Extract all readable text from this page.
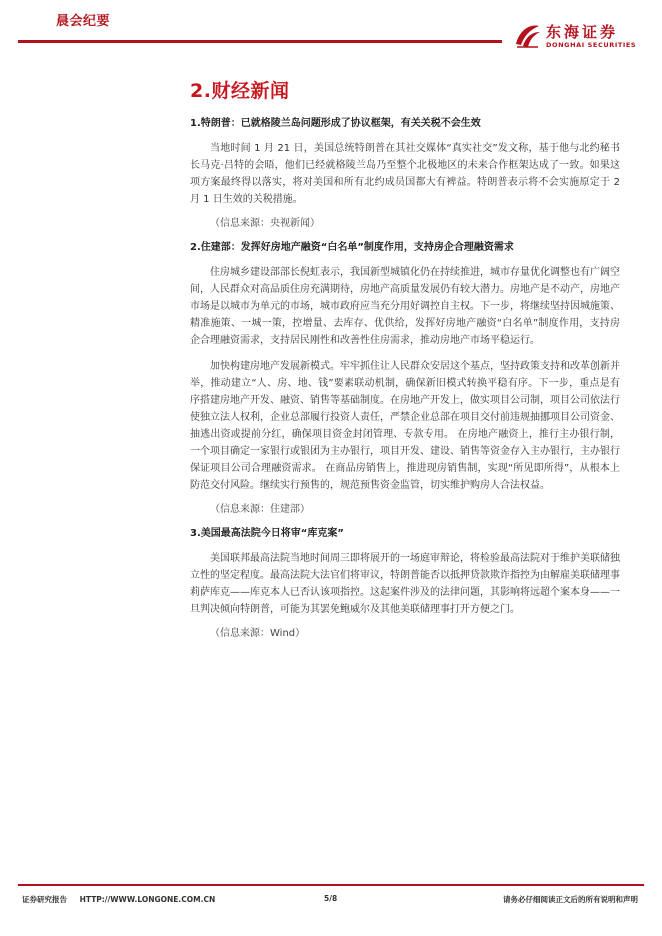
晨会纪要
东海证券
DONGHAI SECURITIES
2.财经新闻
1.特朗普：已就格陵兰岛问题形成了协议框架，有关关税不会生效

当地时间 1 月 21 日，美国总统特朗普在其社交媒体“真实社交”发文称，基于他与北约秘书长马克·吕特的会晤，他们已经就格陵兰岛乃至整个北极地区的未来合作框架达成了一致。如果这项方案最终得以落实，将对美国和所有北约成员国都大有裨益。特朗普表示将不会实施原定于 2 月 1 日生效的关税措施。

（信息来源：央视新闻）
2.住建部：发挥好房地产融资“白名单”制度作用，支持房企合理融资需求

住房城乡建设部部长倪虹表示，我国新型城镇化仍在持续推进，城市存量优化调整也有广阔空间，人民群众对高品质住房充满期待，房地产高质量发展仍有较大潜力。房地产是不动产，房地产市场是以城市为单元的市场，城市政府应当充分用好调控自主权。下一步，将继续坚持因城施策、精准施策、一城一策，控增量、去库存、优供给，发挥好房地产融资“白名单”制度作用，支持房企合理融资需求，支持居民刚性和改善性住房需求，推动房地产市场平稳运行。

加快构建房地产发展新模式。牢牢抓住让人民群众安居这个基点，坚持政策支持和改革创新并举，推动建立“人、房、地、钱”要素联动机制，确保新旧模式转换平稳有序。下一步，重点是有序搭建房地产开发、融资、销售等基础制度。在房地产开发上，做实项目公司制，项目公司依法行使独立法人权利，企业总部履行投资人责任，严禁企业总部在项目交付前违规抽挪项目公司资金、抽逃出资或提前分红，确保项目资金封闭管理、专款专用。 在房地产融资上，推行主办银行制，一个项目确定一家银行或银团为主办银行，项目开发、建设、销售等资金存入主办银行，主办银行保证项目公司合理融资需求。 在商品房销售上，推进现房销售制，实现“所见即所得”，从根本上防范交付风险。继续实行预售的，规范预售资金监管，切实维护购房人合法权益。

（信息来源：住建部）
3.美国最高法院今日将审“库克案”

美国联邦最高法院当地时间周三即将展开的一场庭审辩论，将检验最高法院对于维护美联储独立性的坚定程度。最高法院大法官们将审议，特朗普能否以抵押贷款欺诈指控为由解雇美联储理事莉萨库克——库克本人已否认该项指控。这起案件涉及的法律问题，其影响将远超个案本身——一旦判决倾向特朗普，可能为其罢免鲍威尔及其他美联储理事打开方便之门。

（信息来源：Wind）
证券研究报告 HTTP://WWW.LONGONE.COM.CN	5/8	请务必仔细阅读正文后的所有说明和声明
